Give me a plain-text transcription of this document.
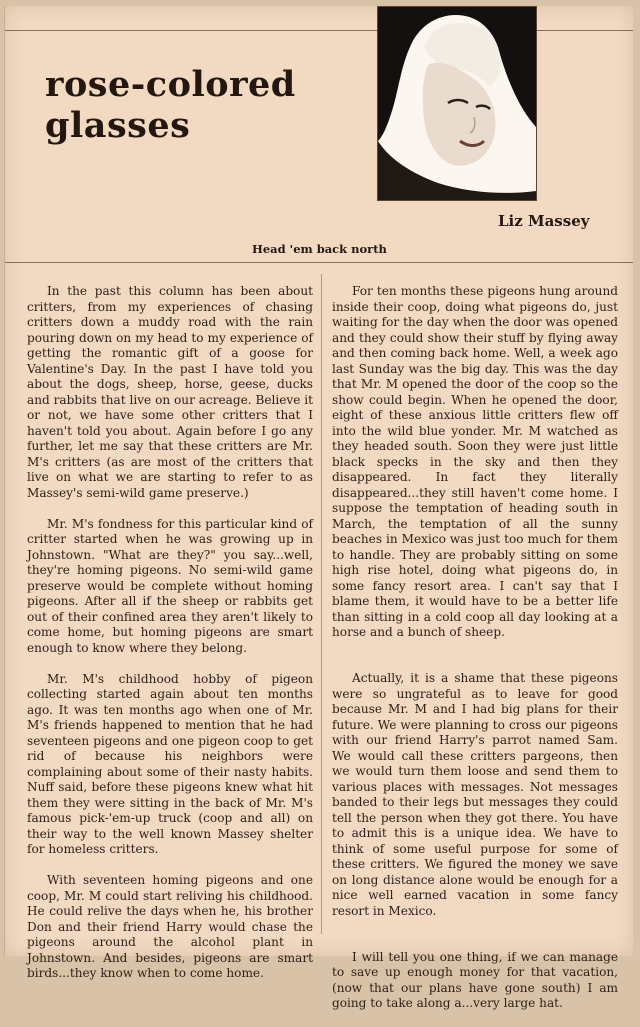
rose-colored
glasses
Liz Massey
Head 'em back north

In the past this column has been about critters, from my experiences of chasing critters down a muddy road with the rain pouring down on my head to my experience of getting the romantic gift of a goose for Valentine's Day. In the past I have told you about the dogs, sheep, horse, geese, ducks and rabbits that live on our acreage. Believe it or not, we have some other critters that I haven't told you about. Again before I go any further, let me say that these critters are Mr. M's critters (as are most of the critters that live on what we are starting to refer to as Massey's semi-wild game preserve.)

Mr. M's fondness for this particular kind of critter started when he was growing up in Johnstown. "What are they?" you say...well, they're homing pigeons. No semi-wild game preserve would be complete without homing pigeons. After all if the sheep or rabbits get out of their confined area they aren't likely to come home, but homing pigeons are smart enough to know where they belong.

Mr. M's childhood hobby of pigeon collecting started again about ten months ago. It was ten months ago when one of Mr. M's friends happened to mention that he had seventeen pigeons and one pigeon coop to get rid of because his neighbors were complaining about some of their nasty habits. Nuff said, before these pigeons knew what hit them they were sitting in the back of Mr. M's famous pick-'em-up truck (coop and all) on their way to the well known Massey shelter for homeless critters.

With seventeen homing pigeons and one coop, Mr. M could start reliving his childhood. He could relive the days when he, his brother Don and their friend Harry would chase the pigeons around the alcohol plant in Johnstown. And besides, pigeons are smart birds...they know when to come home.

For ten months these pigeons hung around inside their coop, doing what pigeons do, just waiting for the day when the door was opened and they could show their stuff by flying away and then coming back home. Well, a week ago last Sunday was the big day. This was the day that Mr. M opened the door of the coop so the show could begin. When he opened the door, eight of these anxious little critters flew off into the wild blue yonder. Mr. M watched as they headed south. Soon they were just little black specks in the sky and then they disappeared. In fact they literally disappeared...they still haven't come home. I suppose the temptation of heading south in March, the temptation of all the sunny beaches in Mexico was just too much for them to handle. They are probably sitting on some high rise hotel, doing what pigeons do, in some fancy resort area. I can't say that I blame them, it would have to be a better life than sitting in a cold coop all day looking at a horse and a bunch of sheep.

Actually, it is a shame that these pigeons were so ungrateful as to leave for good because Mr. M and I had big plans for their future. We were planning to cross our pigeons with our friend Harry's parrot named Sam. We would call these critters pargeons, then we would turn them loose and send them to various places with messages. Not messages banded to their legs but messages they could tell the person when they got there. You have to admit this is a unique idea. We have to think of some useful purpose for some of these critters. We figured the money we save on long distance alone would be enough for a nice well earned vacation in some fancy resort in Mexico.

I will tell you one thing, if we can manage to save up enough money for that vacation, (now that our plans have gone south) I am going to take along a...very large hat.
